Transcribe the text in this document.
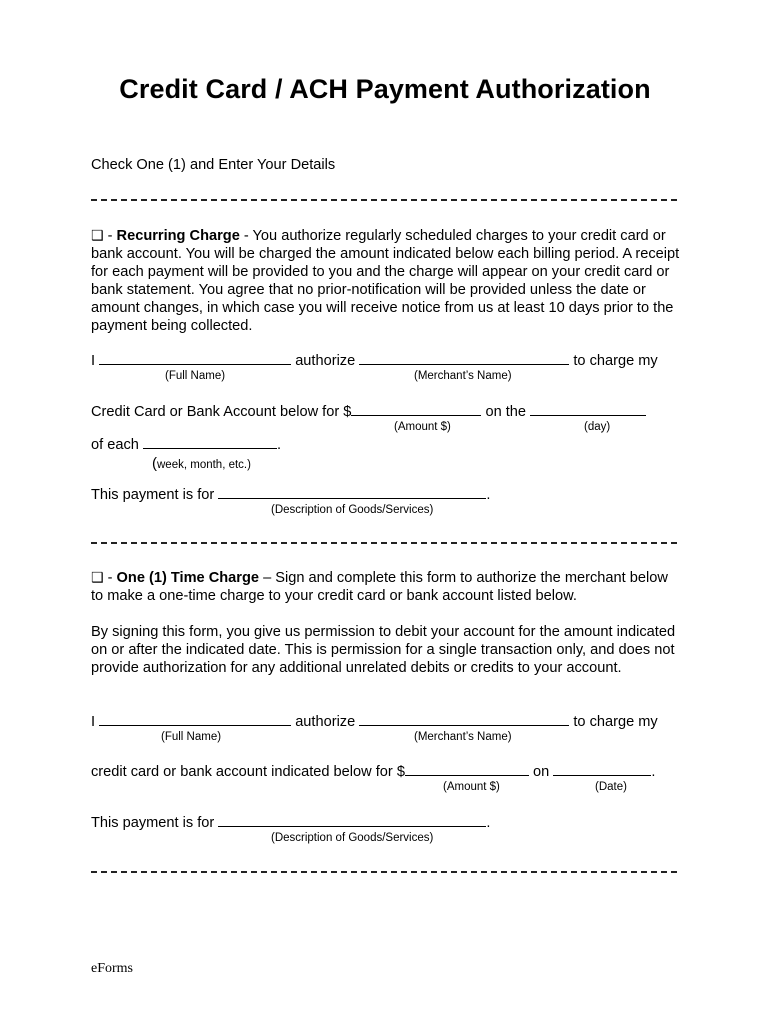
Credit Card / ACH Payment Authorization
Check One (1) and Enter Your Details
❑ - Recurring Charge - You authorize regularly scheduled charges to your credit card or bank account. You will be charged the amount indicated below each billing period. A receipt for each payment will be provided to you and the charge will appear on your credit card or bank statement. You agree that no prior-notification will be provided unless the date or amount changes, in which case you will receive notice from us at least 10 days prior to the payment being collected.
I	authorize	to charge my
(Full Name)	(Merchant’s Name)
Credit Card or Bank Account below for $	on the
(Amount $)	(day)
of each	.
(week, month, etc.)
This payment is for	.
(Description of Goods/Services)
❑ - One (1) Time Charge – Sign and complete this form to authorize the merchant below to make a one-time charge to your credit card or bank account listed below.
By signing this form, you give us permission to debit your account for the amount indicated on or after the indicated date. This is permission for a single transaction only, and does not provide authorization for any additional unrelated debits or credits to your account.
I	authorize	to charge my
(Full Name)	(Merchant’s Name)
credit card or bank account indicated below for $	on	.
(Amount $)	(Date)
This payment is for	.
(Description of Goods/Services)
eForms
